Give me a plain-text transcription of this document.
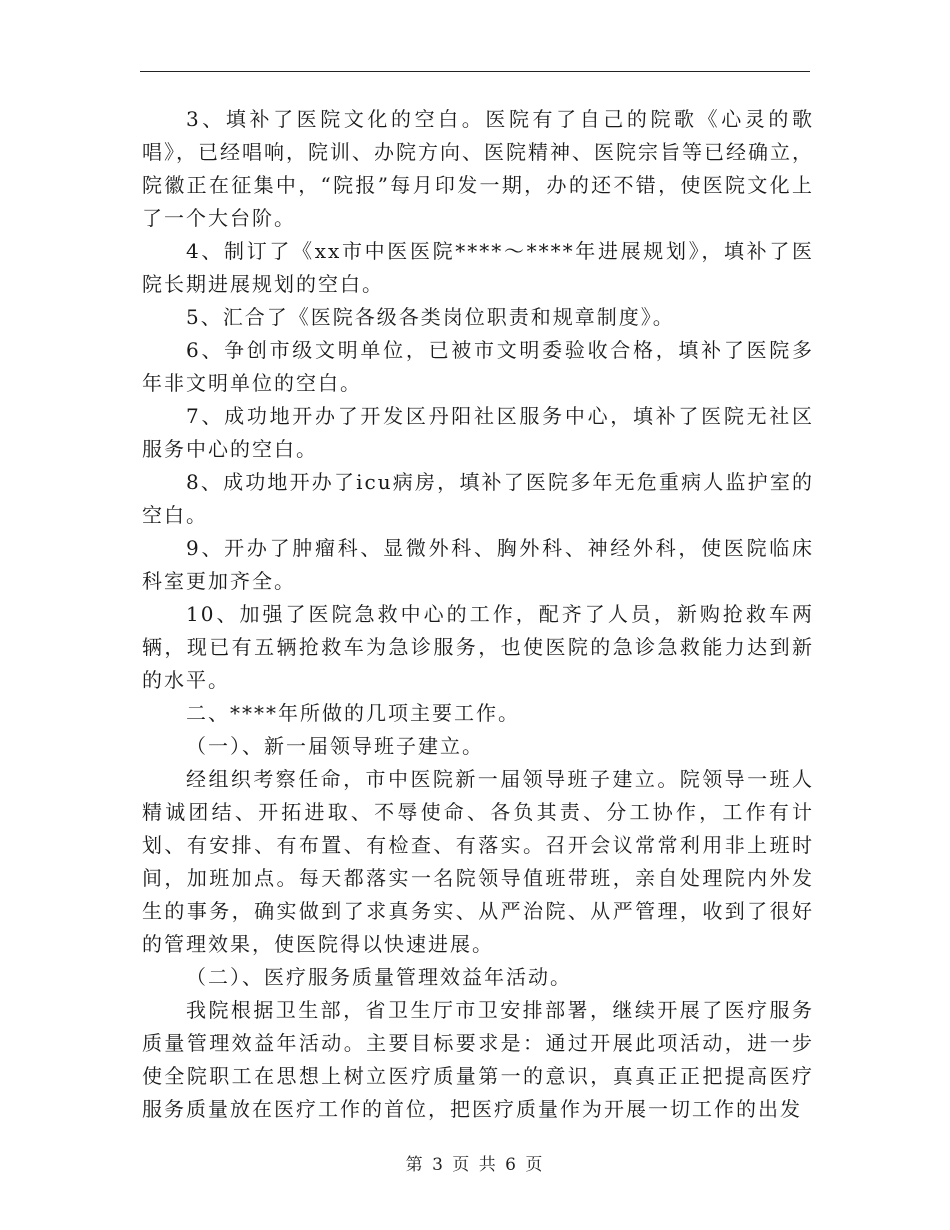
3、填补了医院文化的空白。医院有了自己的院歌《心灵的歌唱》，已经唱响，院训、办院方向、医院精神、医院宗旨等已经确立，院徽正在征集中，“院报”每月印发一期，办的还不错，使医院文化上了一个大台阶。

4、制订了《xx市中医医院****～****年进展规划》，填补了医院长期进展规划的空白。

5、汇合了《医院各级各类岗位职责和规章制度》。

6、争创市级文明单位，已被市文明委验收合格，填补了医院多年非文明单位的空白。

7、成功地开办了开发区丹阳社区服务中心，填补了医院无社区服务中心的空白。

8、成功地开办了icu病房，填补了医院多年无危重病人监护室的空白。

9、开办了肿瘤科、显微外科、胸外科、神经外科，使医院临床科室更加齐全。

10、加强了医院急救中心的工作，配齐了人员，新购抢救车两辆，现已有五辆抢救车为急诊服务，也使医院的急诊急救能力达到新的水平。

二、****年所做的几项主要工作。

（一）、新一届领导班子建立。

经组织考察任命，市中医院新一届领导班子建立。院领导一班人精诚团结、开拓进取、不辱使命、各负其责、分工协作，工作有计划、有安排、有布置、有检查、有落实。召开会议常常利用非上班时间，加班加点。每天都落实一名院领导值班带班，亲自处理院内外发生的事务，确实做到了求真务实、从严治院、从严管理，收到了很好的管理效果，使医院得以快速进展。

（二）、医疗服务质量管理效益年活动。

我院根据卫生部，省卫生厅市卫安排部署，继续开展了医疗服务质量管理效益年活动。主要目标要求是：通过开展此项活动，进一步使全院职工在思想上树立医疗质量第一的意识，真真正正把提高医疗服务质量放在医疗工作的首位，把医疗质量作为开展一切工作的出发

第 3 页 共 6 页
